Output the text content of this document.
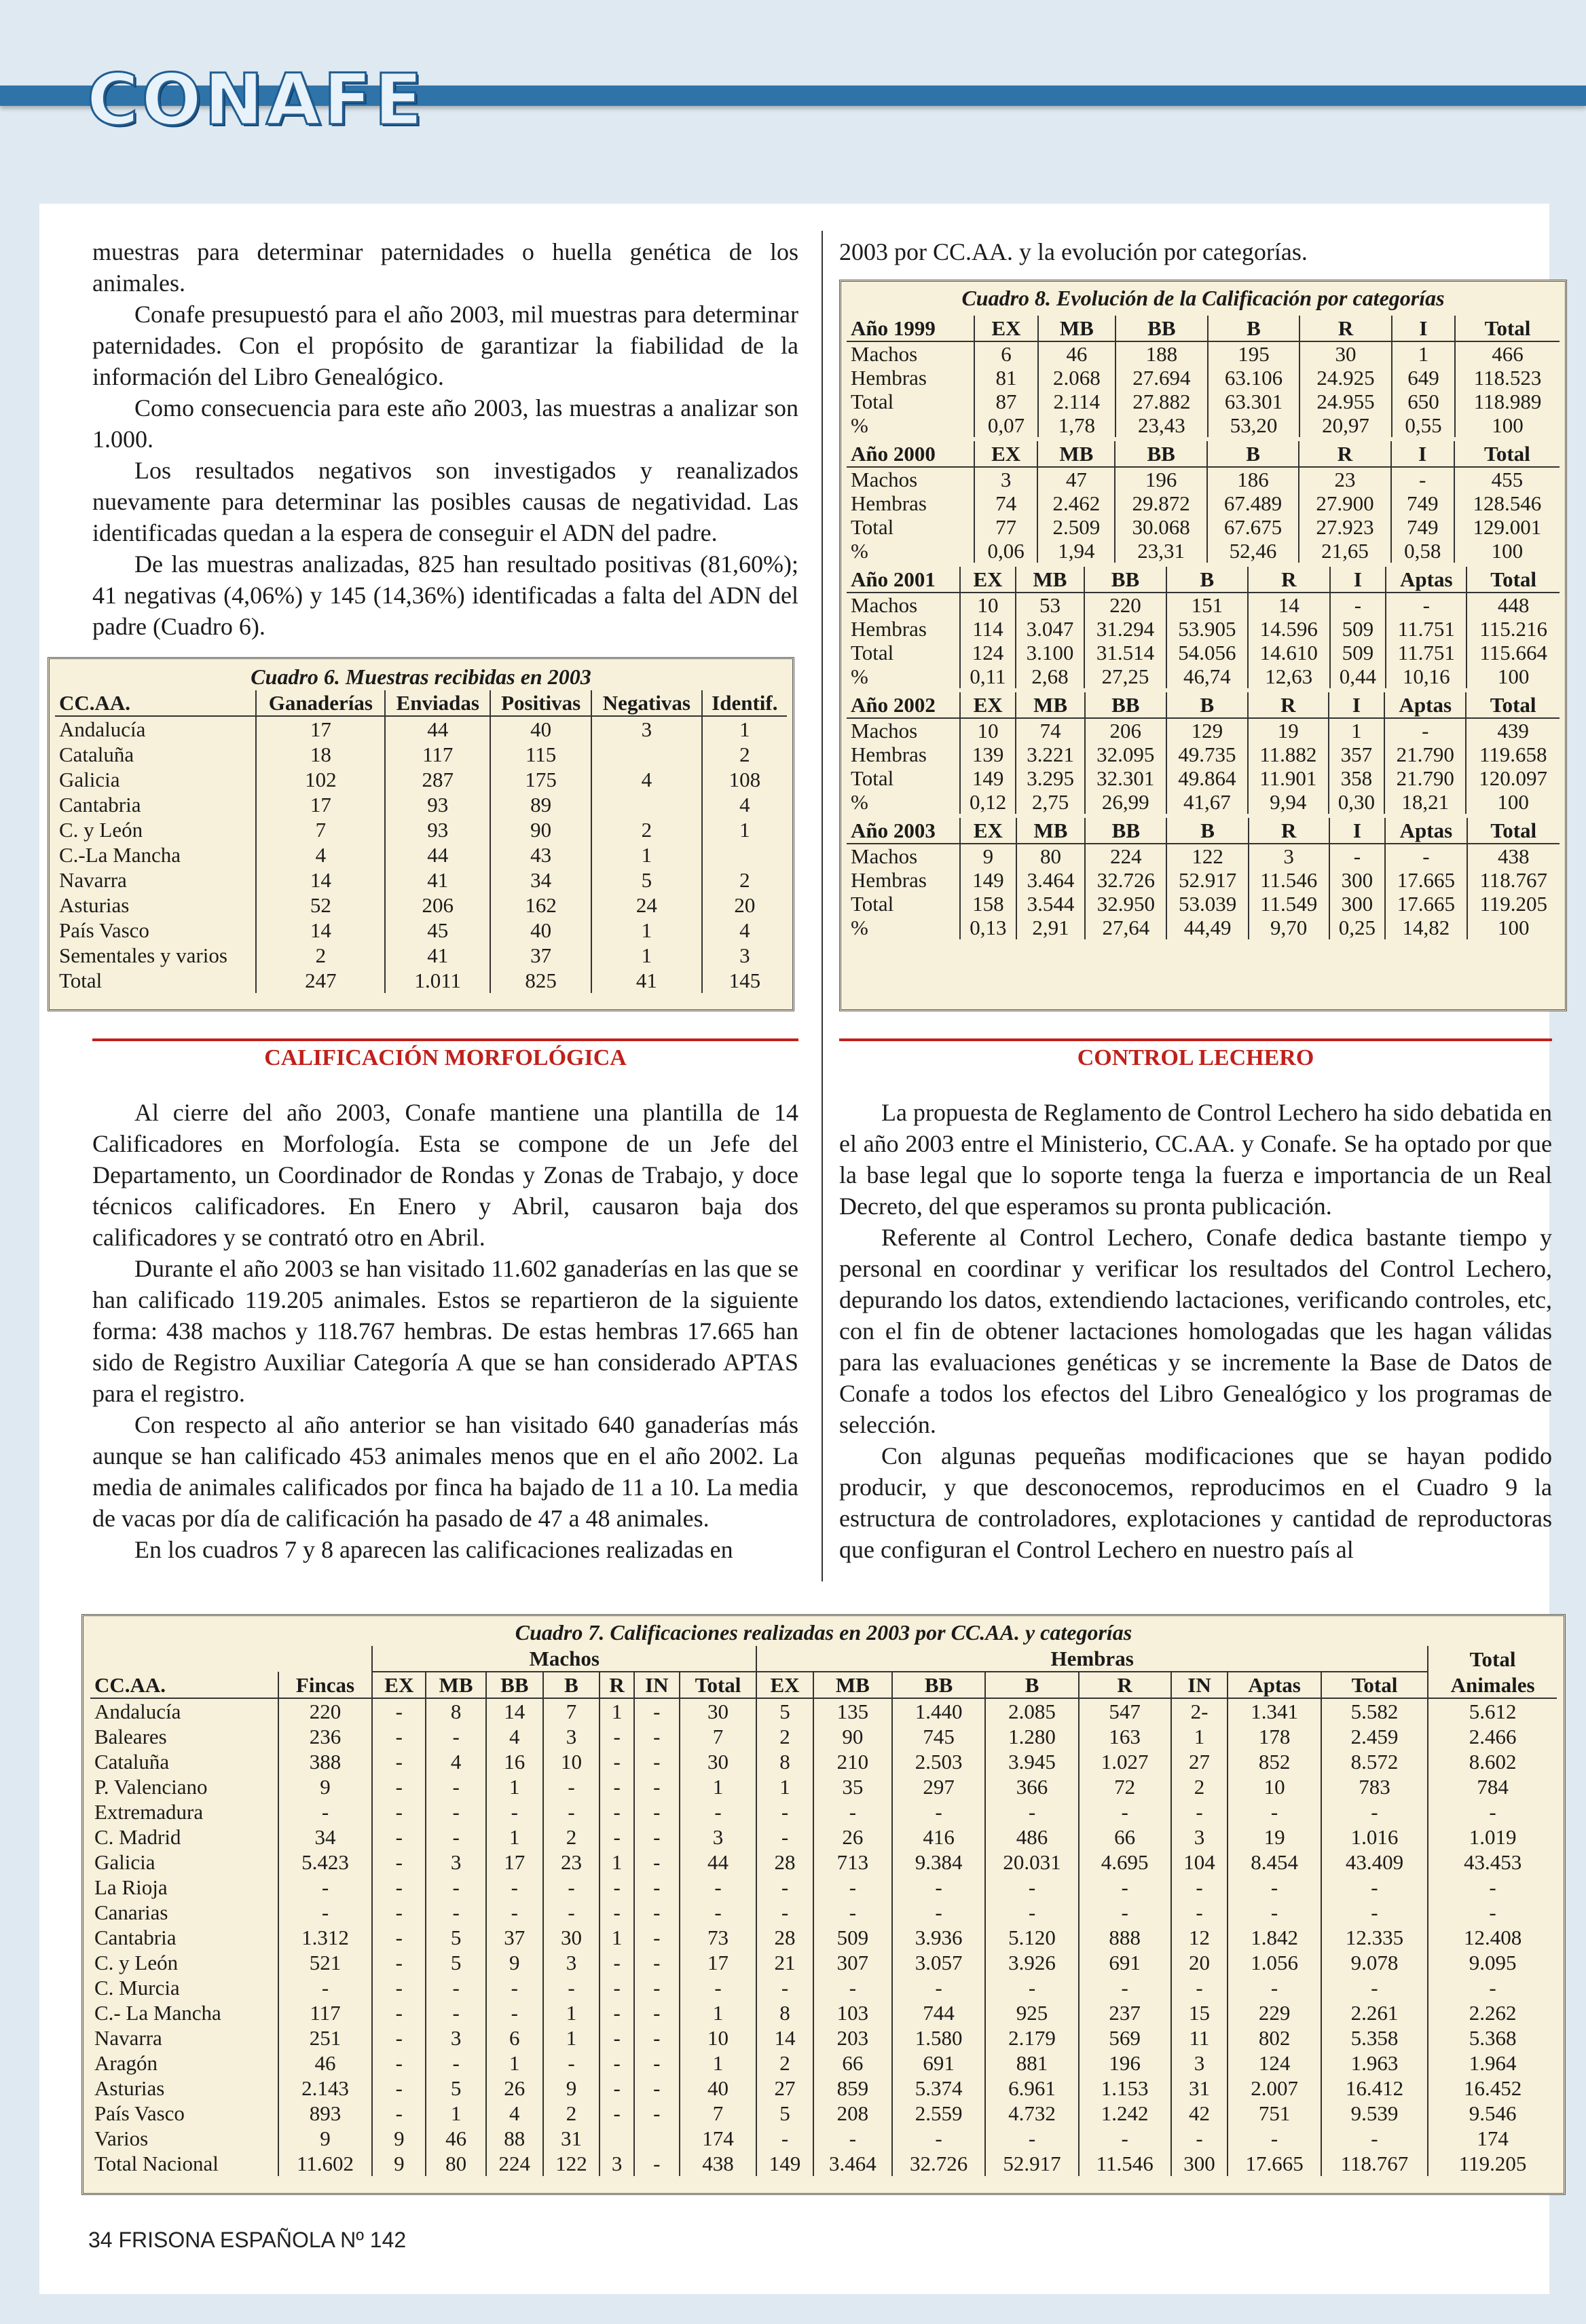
CONAFE

muestras para determinar paternidades o huella genética de los animales.

Conafe presupuestó para el año 2003, mil muestras para determinar paternidades. Con el propósito de garantizar la fiabilidad de la información del Libro Genealógico.

Como consecuencia para este año 2003, las muestras a analizar son 1.000.

Los resultados negativos son investigados y reanalizados nuevamente para determinar las posibles causas de negatividad. Las identificadas quedan a la espera de conseguir el ADN del padre.

De las muestras analizadas, 825 han resultado positivas (81,60%); 41 negativas (4,06%) y 145 (14,36%) identificadas a falta del ADN del padre (Cuadro 6).

2003 por CC.AA. y la evolución por categorías.

Cuadro 6. Muestras recibidas en 2003
CC.AA.	Ganaderías	Enviadas	Positivas	Negativas	Identif.
Andalucía	17	44	40	3	1
Cataluña	18	117	115		2
Galicia	102	287	175	4	108
Cantabria	17	93	89		4
C. y León	7	93	90	2	1
C.-La Mancha	4	44	43	1	
Navarra	14	41	34	5	2
Asturias	52	206	162	24	20
País Vasco	14	45	40	1	4
Sementales y varios	2	41	37	1	3
Total	247	1.011	825	41	145
Cuadro 8. Evolución de la Calificación por categorías
Año 1999	EX	MB	BB	B	R	I	Total
Machos	6	46	188	195	30	1	466
Hembras	81	2.068	27.694	63.106	24.925	649	118.523
Total	87	2.114	27.882	63.301	24.955	650	118.989
%	0,07	1,78	23,43	53,20	20,97	0,55	100
Año 2000	EX	MB	BB	B	R	I	Total
Machos	3	47	196	186	23	-	455
Hembras	74	2.462	29.872	67.489	27.900	749	128.546
Total	77	2.509	30.068	67.675	27.923	749	129.001
%	0,06	1,94	23,31	52,46	21,65	0,58	100
Año 2001	EX	MB	BB	B	R	I	Aptas	Total
Machos	10	53	220	151	14	-	-	448
Hembras	114	3.047	31.294	53.905	14.596	509	11.751	115.216
Total	124	3.100	31.514	54.056	14.610	509	11.751	115.664
%	0,11	2,68	27,25	46,74	12,63	0,44	10,16	100
Año 2002	EX	MB	BB	B	R	I	Aptas	Total
Machos	10	74	206	129	19	1	-	439
Hembras	139	3.221	32.095	49.735	11.882	357	21.790	119.658
Total	149	3.295	32.301	49.864	11.901	358	21.790	120.097
%	0,12	2,75	26,99	41,67	9,94	0,30	18,21	100
Año 2003	EX	MB	BB	B	R	I	Aptas	Total
Machos	9	80	224	122	3	-	-	438
Hembras	149	3.464	32.726	52.917	11.546	300	17.665	118.767
Total	158	3.544	32.950	53.039	11.549	300	17.665	119.205
%	0,13	2,91	27,64	44,49	9,70	0,25	14,82	100
CALIFICACIÓN MORFOLÓGICA	CONTROL LECHERO

Al cierre del año 2003, Conafe mantiene una plantilla de 14 Calificadores en Morfología. Esta se compone de un Jefe del Departamento, un Coordinador de Rondas y Zonas de Trabajo, y doce técnicos calificadores. En Enero y Abril, causaron baja dos calificadores y se contrató otro en Abril.

Durante el año 2003 se han visitado 11.602 ganaderías en las que se han calificado 119.205 animales. Estos se repartieron de la siguiente forma: 438 machos y 118.767 hembras. De estas hembras 17.665 han sido de Registro Auxiliar Categoría A que se han considerado APTAS para el registro.

Con respecto al año anterior se han visitado 640 ganaderías más aunque se han calificado 453 animales menos que en el año 2002. La media de animales calificados por finca ha bajado de 11 a 10. La media de vacas por día de calificación ha pasado de 47 a 48 animales.

En los cuadros 7 y 8 aparecen las calificaciones realizadas en

La propuesta de Reglamento de Control Lechero ha sido debatida en el año 2003 entre el Ministerio, CC.AA. y Conafe. Se ha optado por que la base legal que lo soporte tenga la fuerza e importancia de un Real Decreto, del que esperamos su pronta publicación.

Referente al Control Lechero, Conafe dedica bastante tiempo y personal en coordinar y verificar los resultados del Control Lechero, depurando los datos, extendiendo lactaciones, verificando controles, etc, con el fin de obtener lactaciones homologadas que les hagan válidas para las evaluaciones genéticas y se incremente la Base de Datos de Conafe a todos los efectos del Libro Genealógico y los programas de selección.

Con algunas pequeñas modificaciones que se hayan podido producir, y que desconocemos, reproducimos en el Cuadro 9 la estructura de controladores, explotaciones y cantidad de reproductoras que configuran el Control Lechero en nuestro país al

Cuadro 7. Calificaciones realizadas en 2003 por CC.AA. y categorías
		Machos							Hembras								Total
CC.AA.	Fincas	EX	MB	BB	B	R	IN	Total	EX	MB	BB	B	R	IN	Aptas	Total	Animales
Andalucía	220	-	8	14	7	1	-	30	5	135	1.440	2.085	547	2-	1.341	5.582	5.612
Baleares	236	-	-	4	3	-	-	7	2	90	745	1.280	163	1	178	2.459	2.466
Cataluña	388	-	4	16	10	-	-	30	8	210	2.503	3.945	1.027	27	852	8.572	8.602
P. Valenciano	9	-	-	1	-	-	-	1	1	35	297	366	72	2	10	783	784
Extremadura	-	-	-	-	-	-	-	-	-	-	-	-	-	-	-	-	-
C. Madrid	34	-	-	1	2	-	-	3	-	26	416	486	66	3	19	1.016	1.019
Galicia	5.423	-	3	17	23	1	-	44	28	713	9.384	20.031	4.695	104	8.454	43.409	43.453
La Rioja	-	-	-	-	-	-	-	-	-	-	-	-	-	-	-	-	-
Canarias	-	-	-	-	-	-	-	-	-	-	-	-	-	-	-	-	-
Cantabria	1.312	-	5	37	30	1	-	73	28	509	3.936	5.120	888	12	1.842	12.335	12.408
C. y León	521	-	5	9	3	-	-	17	21	307	3.057	3.926	691	20	1.056	9.078	9.095
C. Murcia	-	-	-	-	-	-	-	-	-	-	-	-	-	-	-	-	-
C.- La Mancha	117	-	-	-	1	-	-	1	8	103	744	925	237	15	229	2.261	2.262
Navarra	251	-	3	6	1	-	-	10	14	203	1.580	2.179	569	11	802	5.358	5.368
Aragón	46	-	-	1	-	-	-	1	2	66	691	881	196	3	124	1.963	1.964
Asturias	2.143	-	5	26	9	-	-	40	27	859	5.374	6.961	1.153	31	2.007	16.412	16.452
País Vasco	893	-	1	4	2	-	-	7	5	208	2.559	4.732	1.242	42	751	9.539	9.546
Varios	9	9	46	88	31			174	-	-	-	-	-	-	-	-	174
Total Nacional	11.602	9	80	224	122	3	-	438	149	3.464	32.726	52.917	11.546	300	17.665	118.767	119.205
34 FRISONA ESPAÑOLA Nº 142
